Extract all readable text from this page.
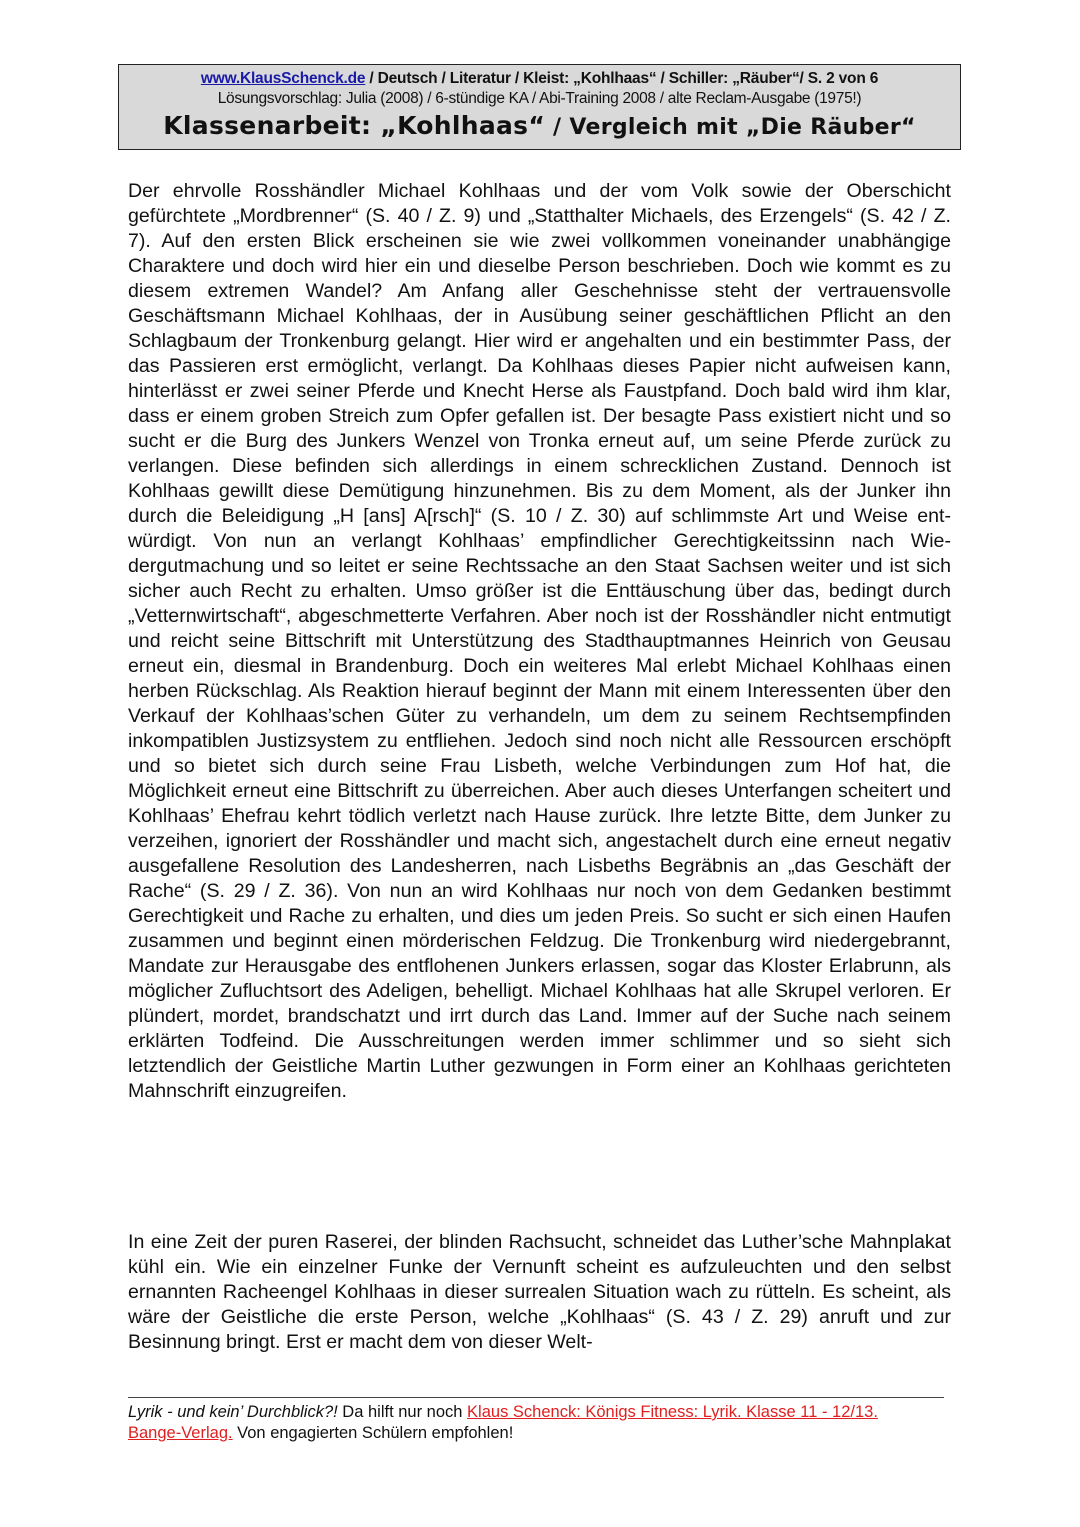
www.KlausSchenck.de / Deutsch / Literatur / Kleist: „Kohlhaas“ / Schiller: „Räuber“/ S. 2 von 6
Lösungsvorschlag: Julia (2008) / 6-stündige KA / Abi-Training 2008 / alte Reclam-Ausgabe (1975!)
Klassenarbeit: „Kohlhaas“ / Vergleich mit „Die Räuber“
Der ehrvolle Rosshändler Michael Kohlhaas und der vom Volk sowie der Oberschicht gefürchtete „Mordbrenner“ (S. 40 / Z. 9) und „Statthalter Michaels, des Erzengels“ (S. 42 / Z. 7). Auf den ersten Blick erscheinen sie wie zwei vollkommen voneinander unabhängige Charaktere und doch wird hier ein und dieselbe Person beschrieben. Doch wie kommt es zu diesem extremen Wandel? Am Anfang aller Geschehnisse steht der vertrauensvolle Geschäftsmann Michael Kohlhaas, der in Ausübung seiner geschäftlichen Pflicht an den Schlagbaum der Tronkenburg gelangt. Hier wird er angehalten und ein bestimmter Pass, der das Passieren erst ermöglicht, verlangt. Da Kohlhaas dieses Papier nicht aufweisen kann, hinterlässt er zwei seiner Pferde und Knecht Herse als Faustpfand. Doch bald wird ihm klar, dass er einem groben Streich zum Opfer gefallen ist. Der besagte Pass existiert nicht und so sucht er die Burg des Junkers Wenzel von Tronka erneut auf, um seine Pferde zurück zu verlangen. Diese befinden sich allerdings in einem schrecklichen Zustand. Dennoch ist Kohlhaas gewillt diese Demütigung hinzunehmen. Bis zu dem Moment, als der Junker ihn durch die Beleidigung „H [ans] A[rsch]“ (S. 10 / Z. 30) auf schlimmste Art und Weise entwürdigt. Von nun an verlangt Kohlhaas’ empfindlicher Gerechtigkeitssinn nach Wiedergutmachung und so leitet er seine Rechtssache an den Staat Sachsen weiter und ist sich sicher auch Recht zu erhalten. Umso größer ist die Enttäuschung über das, bedingt durch „Vetternwirtschaft“, abgeschmetterte Verfahren. Aber noch ist der Rosshändler nicht entmutigt und reicht seine Bittschrift mit Unterstützung des Stadthauptmannes Heinrich von Geusau erneut ein, diesmal in Brandenburg. Doch ein weiteres Mal erlebt Michael Kohlhaas einen herben Rückschlag. Als Reaktion hierauf beginnt der Mann mit einem Interessenten über den Verkauf der Kohlhaas’schen Güter zu verhandeln, um dem zu seinem Rechtsempfinden inkompatiblen Justizsystem zu entfliehen. Jedoch sind noch nicht alle Ressourcen erschöpft und so bietet sich durch seine Frau Lisbeth, welche Verbindungen zum Hof hat, die Möglichkeit erneut eine Bittschrift zu überreichen. Aber auch dieses Unterfangen scheitert und Kohlhaas’ Ehefrau kehrt tödlich verletzt nach Hause zurück. Ihre letzte Bitte, dem Junker zu verzeihen, ignoriert der Rosshändler und macht sich, angestachelt durch eine erneut negativ ausgefallene Resolution des Landesherren, nach Lisbeths Begräbnis an „das Geschäft der Rache“ (S. 29 / Z. 36). Von nun an wird Kohlhaas nur noch von dem Gedanken bestimmt Gerechtigkeit und Rache zu erhalten, und dies um jeden Preis. So sucht er sich einen Haufen zusammen und beginnt einen mörderischen Feldzug. Die Tronkenburg wird niedergebrannt, Mandate zur Herausgabe des entflohenen Junkers erlassen, sogar das Kloster Erlabrunn, als möglicher Zufluchtsort des Adeligen, behelligt. Michael Kohlhaas hat alle Skrupel verloren. Er plündert, mordet, brandschatzt und irrt durch das Land. Immer auf der Suche nach seinem erklärten Todfeind. Die Ausschreitungen werden immer schlimmer und so sieht sich letztendlich der Geistliche Martin Luther gezwungen in Form einer an Kohlhaas gerichteten Mahnschrift einzugreifen.
In eine Zeit der puren Raserei, der blinden Rachsucht, schneidet das Luther’sche Mahnplakat kühl ein. Wie ein einzelner Funke der Vernunft scheint es aufzuleuchten und den selbst ernannten Racheengel Kohlhaas in dieser surrealen Situation wach zu rütteln. Es scheint, als wäre der Geistliche die erste Person, welche „Kohlhaas“ (S. 43 / Z. 29) anruft und zur Besinnung bringt. Erst er macht dem von dieser Welt-
Lyrik - und kein’ Durchblick?! Da hilft nur noch Klaus Schenck: Königs Fitness: Lyrik. Klasse 11 - 12/13. Bange-Verlag. Von engagierten Schülern empfohlen!
